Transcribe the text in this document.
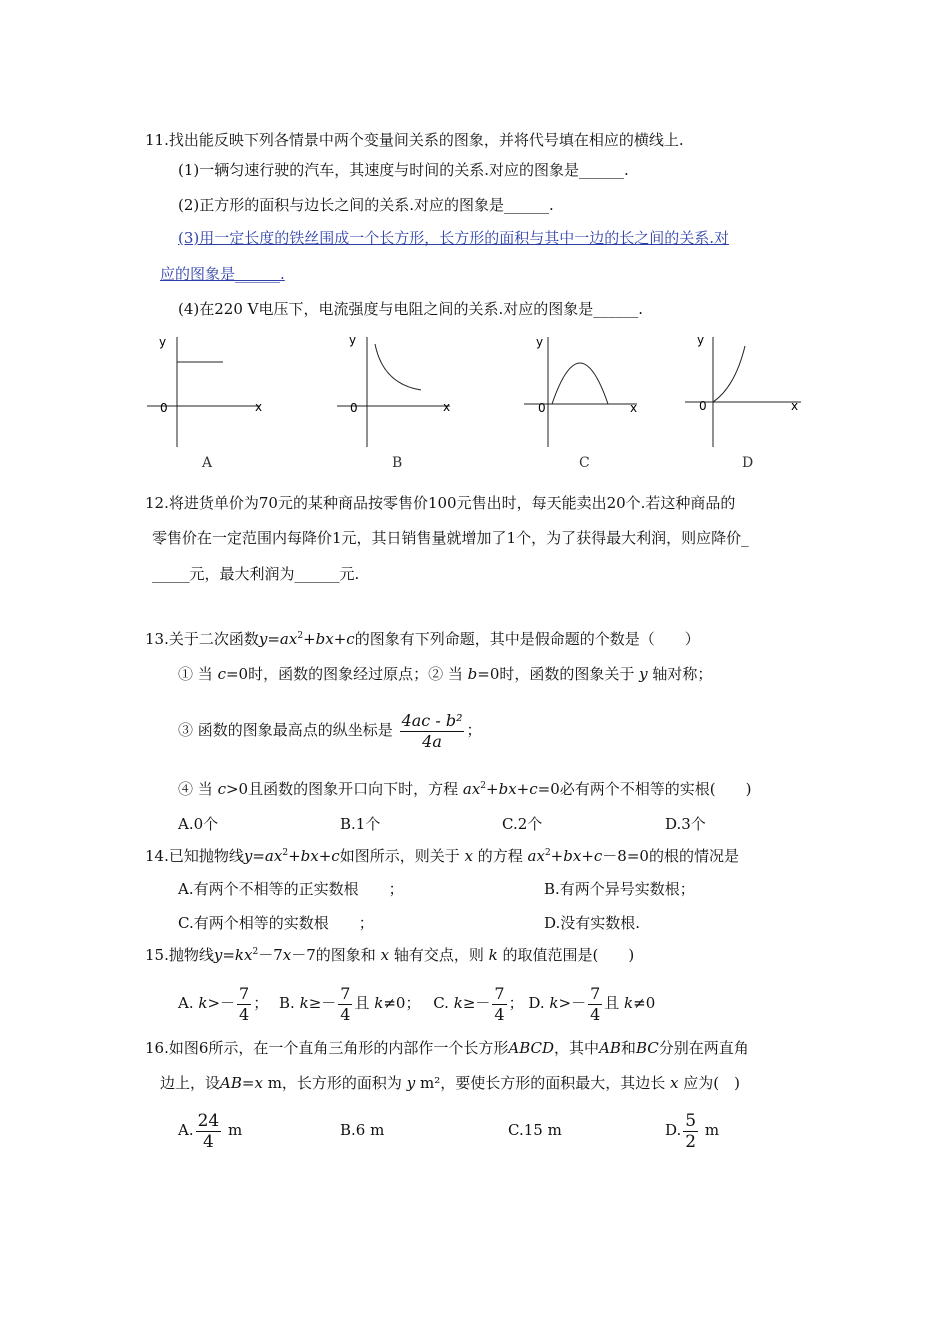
11.找出能反映下列各情景中两个变量间关系的图象，并将代号填在相应的横线上.
(1)一辆匀速行驶的汽车，其速度与时间的关系.对应的图象是______.
(2)正方形的面积与边长之间的关系.对应的图象是______.
(3)用一定长度的铁丝围成一个长方形，长方形的面积与其中一边的长之间的关系.对
应的图象是______.
(4)在220 V电压下，电流强度与电阻之间的关系.对应的图象是______.
y
x
0
A
y
x
0
B
y
x
0
C
y
x
0
D
12.将进货单价为70元的某种商品按零售价100元售出时，每天能卖出20个.若这种商品的
零售价在一定范围内每降价1元，其日销售量就增加了1个，为了获得最大利润，则应降价_
_____元，最大利润为______元.
13.关于二次函数$y=ax^2+bx+c$的图象有下列命题，其中是假命题的个数是（　　）
① 当 c=0时，函数的图象经过原点；② 当 b=0时，函数的图象关于 y 轴对称；
③ 函数的图象最高点的纵坐标是 $\frac{\text{4ac - b²}}{4a}$ ；
④ 当 c>0且函数的图象开口向下时，方程 $ax^2+bx+c=0$必有两个不相等的实根(　　)
A.0个	B.1个	C.2个	D.3个
14.已知抛物线$y=ax^2+bx+c$如图所示，则关于 x 的方程 $ax^2+bx+c-8=0$的根的情况是
A.有两个不相等的正实数根　　；	B.有两个异号实数根；
C.有两个相等的实数根　　；	D.没有实数根.
15.抛物线$y=kx^2-7x-7$的图象和 x 轴有交点，则 k 的取值范围是(　　)
A. $k>- \frac{7}{4}$ ； B. $k\ge- \frac{7}{4}$ 且 k≠0； C. $k\ge- \frac{7}{4}$ ； D. $k>- \frac{7}{4}$ 且 k≠0
16.如图6所示，在一个直角三角形的内部作一个长方形ABCD，其中AB和BC分别在两直角
边上，设AB=x m，长方形的面积为 y m²，要使长方形的面积最大，其边长 x 应为(　)
A. $\frac{24}{4}$ m	B.6 m	C.15 m	D. $\frac{5}{2}$ m
